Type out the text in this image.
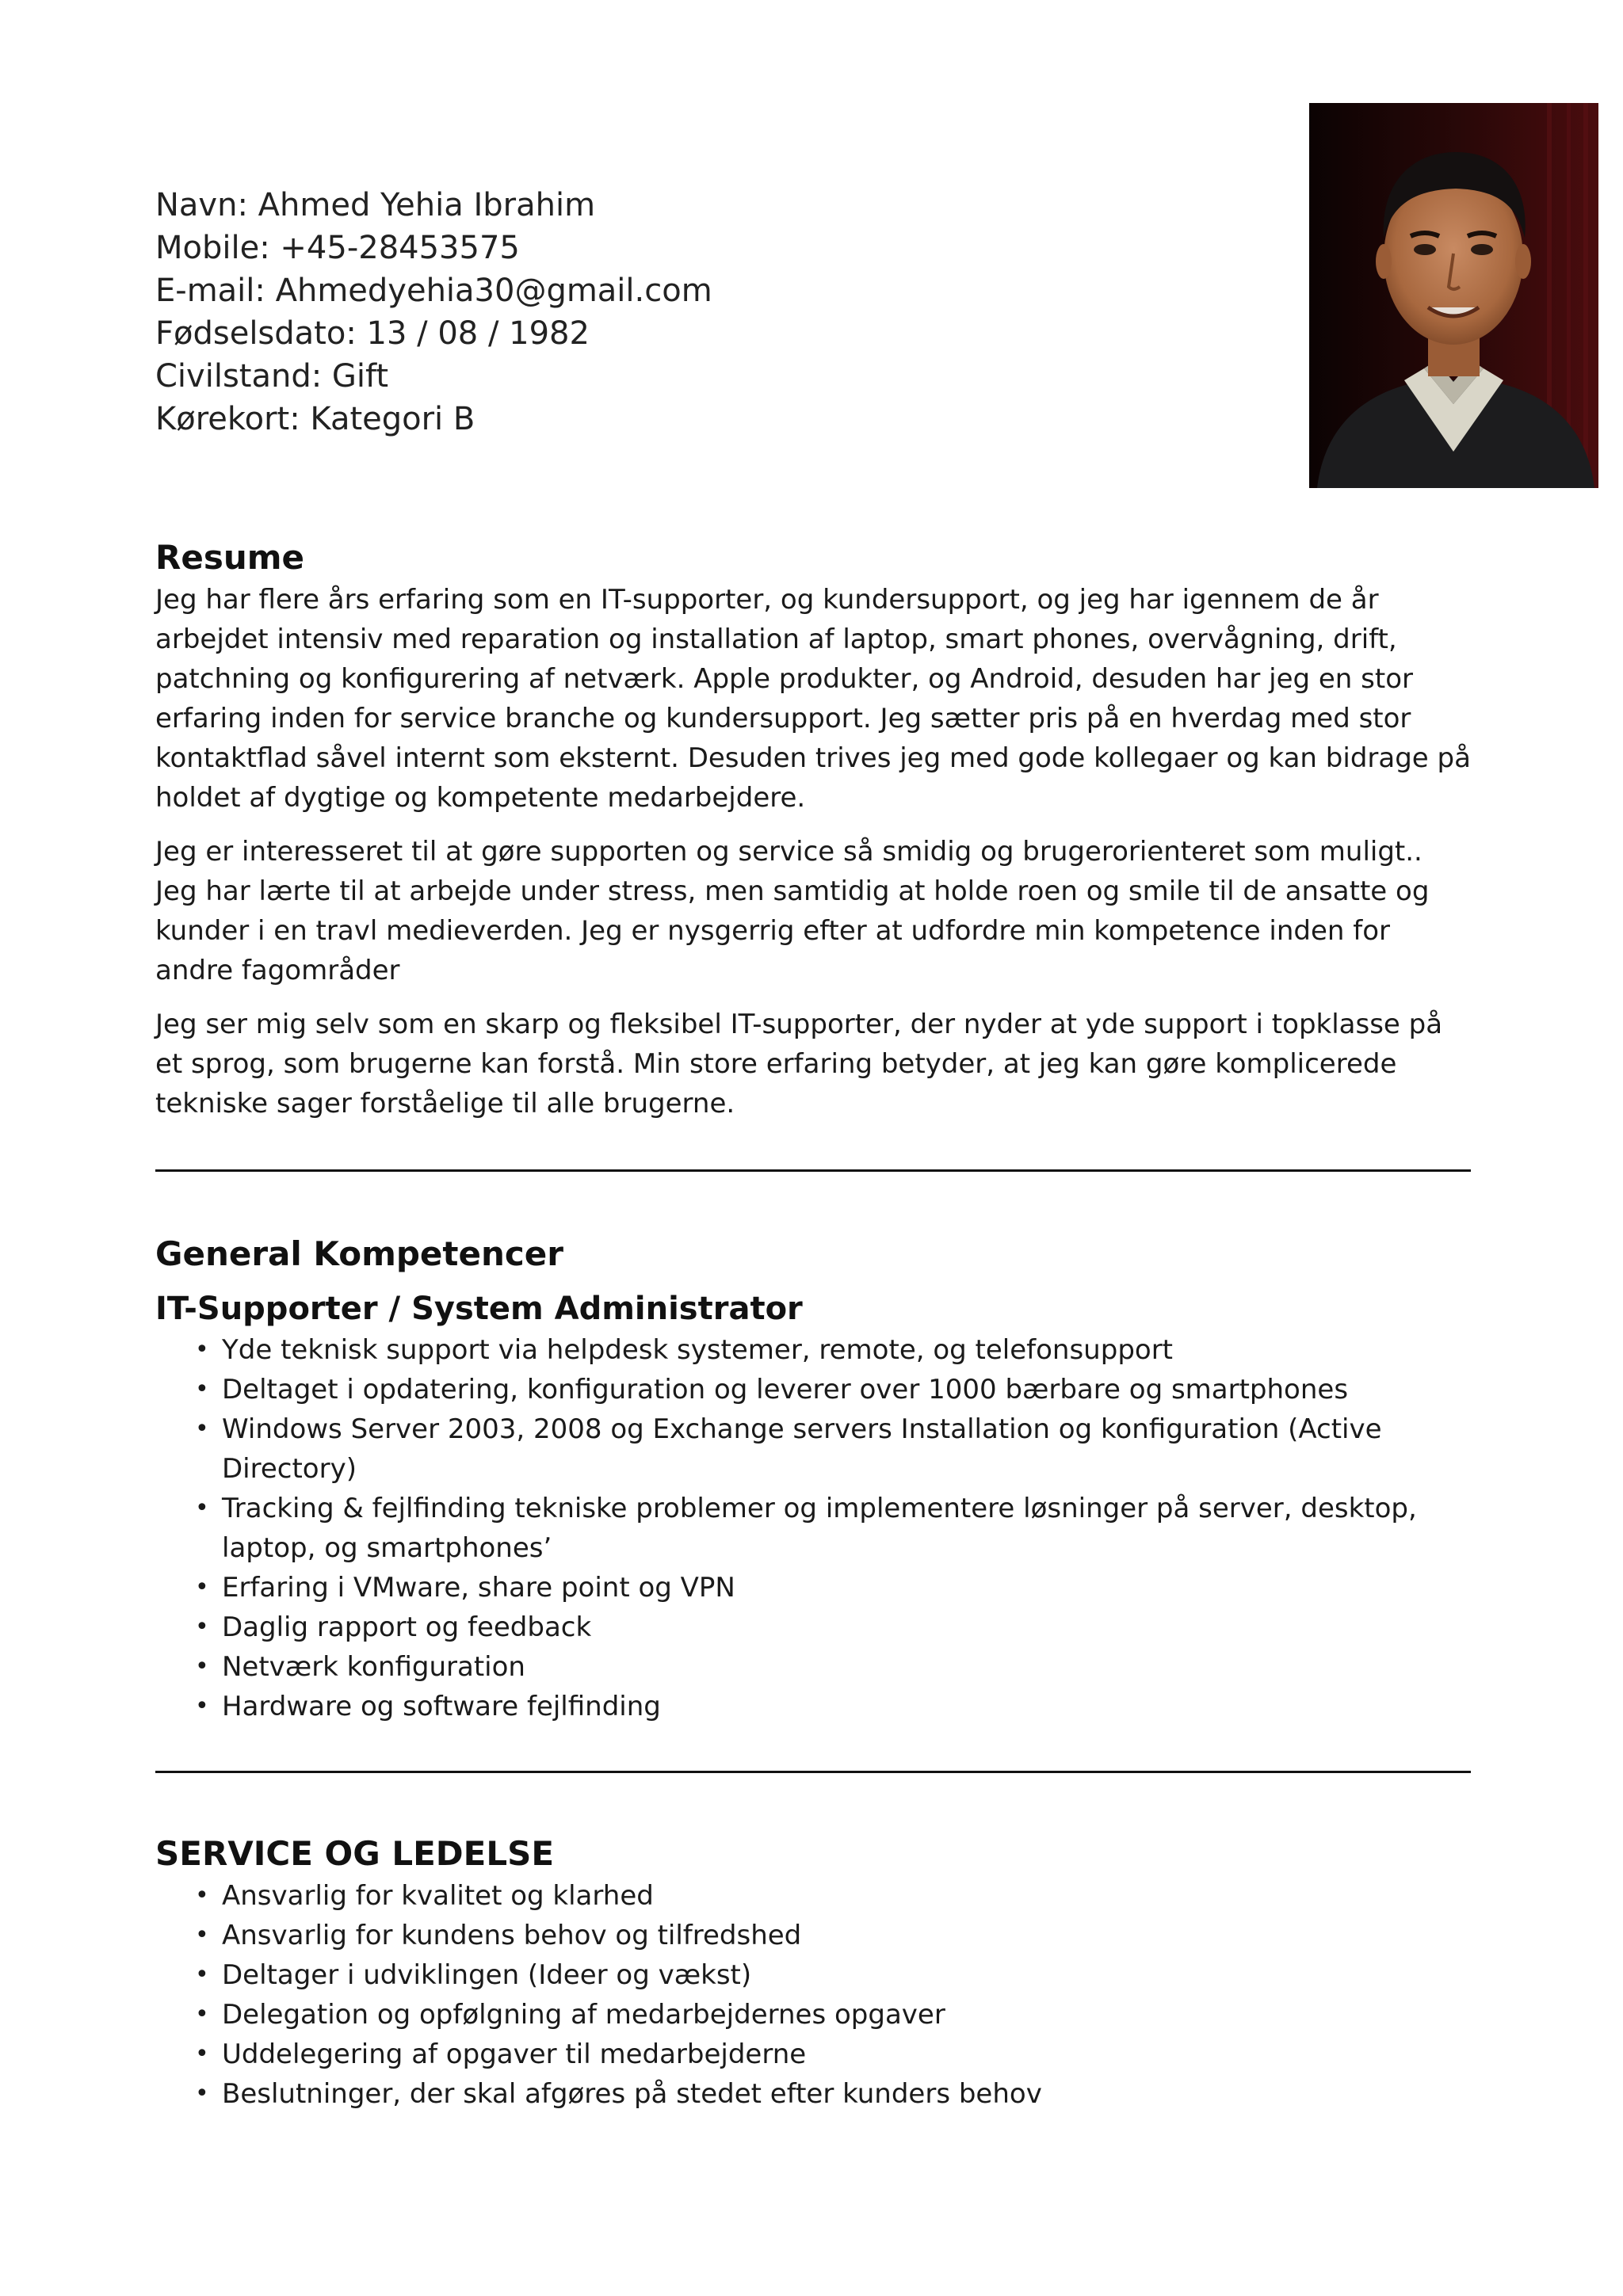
Navn: Ahmed Yehia Ibrahim
Mobile: +45-28453575
E-mail: Ahmedyehia30@gmail.com
Fødselsdato: 13 / 08 / 1982
Civilstand: Gift
Kørekort: Kategori B
Resume

Jeg har flere års erfaring som en IT-supporter, og kundersupport, og jeg har igennem de år arbejdet intensiv med reparation og installation af laptop, smart phones, overvågning, drift, patchning og konfigurering af netværk. Apple produkter, og Android, desuden har jeg en stor erfaring inden for service branche og kundersupport. Jeg sætter pris på en hverdag med stor kontaktflad såvel internt som eksternt. Desuden trives jeg med gode kollegaer og kan bidrage på holdet af dygtige og kompetente medarbejdere.

Jeg er interesseret til at gøre supporten og service så smidig og brugerorienteret som muligt.. Jeg har lærte til at arbejde under stress, men samtidig at holde roen og smile til de ansatte og kunder i en travl medieverden. Jeg er nysgerrig efter at udfordre min kompetence inden for andre fagområder

Jeg ser mig selv som en skarp og fleksibel IT-supporter, der nyder at yde support i topklasse på et sprog, som brugerne kan forstå. Min store erfaring betyder, at jeg kan gøre komplicerede tekniske sager forståelige til alle brugerne.

General Kompetencer
IT-Supporter / System Administrator
• Yde teknisk support via helpdesk systemer, remote, og telefonsupport
• Deltaget i opdatering, konfiguration og leverer over 1000 bærbare og smartphones
• Windows Server 2003, 2008 og Exchange servers Installation og konfiguration (Active Directory)
• Tracking & fejlfinding tekniske problemer og implementere løsninger på server, desktop, laptop, og smartphones’
• Erfaring i VMware, share point og VPN
• Daglig rapport og feedback
• Netværk konfiguration
• Hardware og software fejlfinding
SERVICE OG LEDELSE
• Ansvarlig for kvalitet og klarhed
• Ansvarlig for kundens behov og tilfredshed
• Deltager i udviklingen (Ideer og vækst)
• Delegation og opfølgning af medarbejdernes opgaver
• Uddelegering af opgaver til medarbejderne
• Beslutninger, der skal afgøres på stedet efter kunders behov
